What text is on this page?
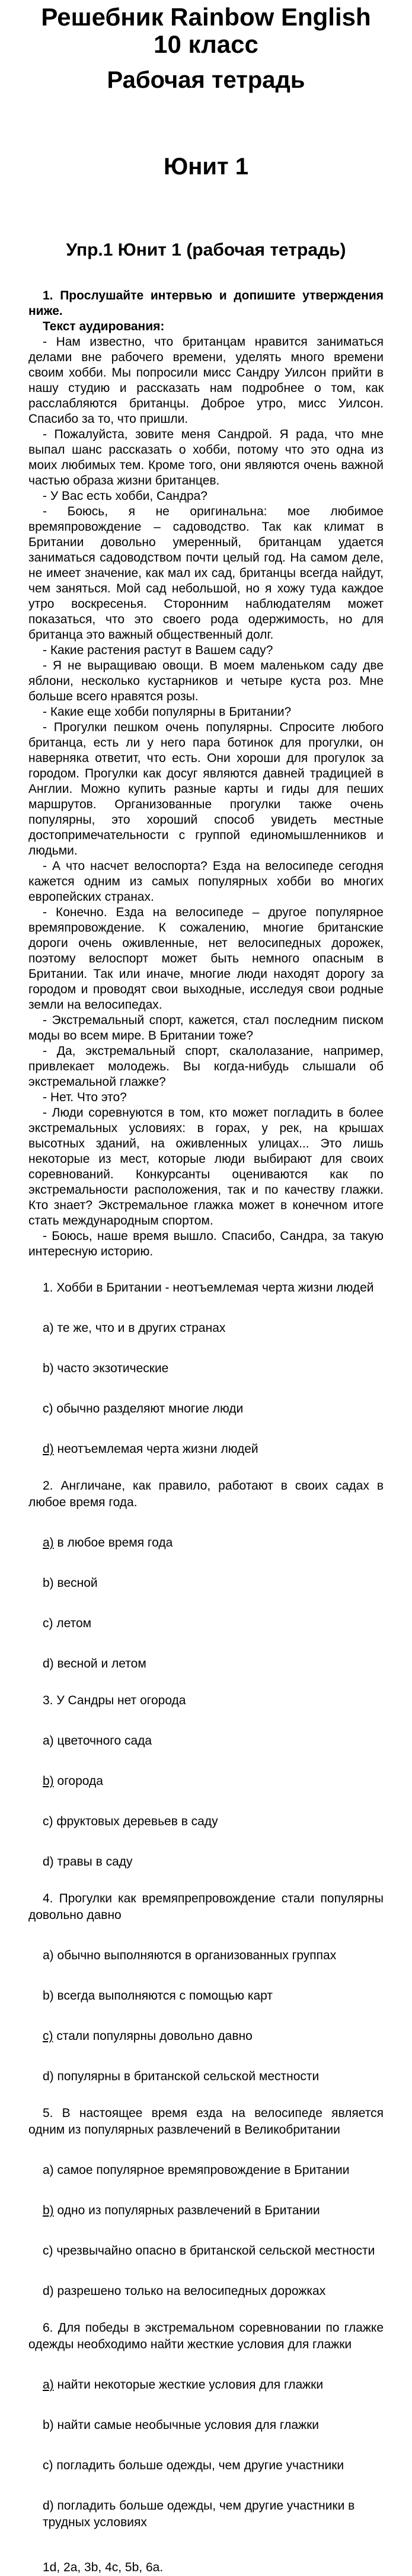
Решебник Rainbow English 10 класс
Рабочая тетрадь
Юнит 1
Упр.1 Юнит 1 (рабочая тетрадь)

1. Прослушайте интервью и допишите утверждения ниже.

Текст аудирования:

- Нам известно, что британцам нравится заниматься делами вне рабочего времени, уделять много времени своим хобби. Мы попросили мисс Сандру Уилсон прийти в нашу студию и рассказать нам подробнее о том, как расслабляются британцы. Доброе утро, мисс Уилсон. Спасибо за то, что пришли.

- Пожалуйста, зовите меня Сандрой. Я рада, что мне выпал шанс рассказать о хобби, потому что это одна из моих любимых тем. Кроме того, они являются очень важной частью образа жизни британцев.

- У Вас есть хобби, Сандра?

- Боюсь, я не оригинальна: мое любимое времяпровождение – садоводство. Так как климат в Британии довольно умеренный, британцам удается заниматься садоводством почти целый год. На самом деле, не имеет значение, как мал их сад, британцы всегда найдут, чем заняться. Мой сад небольшой, но я хожу туда каждое утро воскресенья. Сторонним наблюдателям может показаться, что это своего рода одержимость, но для британца это важный общественный долг.

- Какие растения растут в Вашем саду?

- Я не выращиваю овощи. В моем маленьком саду две яблони, несколько кустарников и четыре куста роз. Мне больше всего нравятся розы.

- Какие еще хобби популярны в Британии?

- Прогулки пешком очень популярны. Спросите любого британца, есть ли у него пара ботинок для прогулки, он наверняка ответит, что есть. Они хороши для прогулок за городом. Прогулки как досуг являются давней традицией в Англии. Можно купить разные карты и гиды для пеших маршрутов. Организованные прогулки также очень популярны, это хороший способ увидеть местные достопримечательности с группой единомышленников и людьми.

- А что насчет велоспорта? Езда на велосипеде сегодня кажется одним из самых популярных хобби во многих европейских странах.

- Конечно. Езда на велосипеде – другое популярное времяпровождение. К сожалению, многие британские дороги очень оживленные, нет велосипедных дорожек, поэтому велоспорт может быть немного опасным в Британии. Так или иначе, многие люди находят дорогу за городом и проводят свои выходные, исследуя свои родные земли на велосипедах.

- Экстремальный спорт, кажется, стал последним писком моды во всем мире. В Британии тоже?

- Да, экстремальный спорт, скалолазание, например, привлекает молодежь. Вы когда-нибудь слышали об экстремальной глажке?

- Нет. Что это?

- Люди соревнуются в том, кто может погладить в более экстремальных условиях: в горах, у рек, на крышах высотных зданий, на оживленных улицах... Это лишь некоторые из мест, которые люди выбирают для своих соревнований. Конкурсанты оцениваются как по экстремальности расположения, так и по качеству глажки. Кто знает? Экстремальное глажка может в конечном итоге стать международным спортом.

- Боюсь, наше время вышло. Спасибо, Сандра, за такую интересную историю.

1. Хобби в Британии - неотъемлемая черта жизни людей

a) те же, что и в других странах

b) часто экзотические

c) обычно разделяют многие люди

d) неотъемлемая черта жизни людей

2. Англичане, как правило, работают в своих садах в любое время года.

a) в любое время года

b) весной

c) летом

d) весной и летом

3. У Сандры нет огорода

a) цветочного сада

b) огорода

c) фруктовых деревьев в саду

d) травы в саду

4. Прогулки как времяпрепровождение стали популярны довольно давно

a) обычно выполняются в организованных группах

b) всегда выполняются с помощью карт

c) стали популярны довольно давно

d) популярны в британской сельской местности

5. В настоящее время езда на велосипеде является одним из популярных развлечений в Великобритании

a) самое популярное времяпровождение в Британии

b) одно из популярных развлечений в Британии

c) чрезвычайно опасно в британской сельской местности

d) разрешено только на велосипедных дорожках

6. Для победы в экстремальном соревновании по глажке одежды необходимо найти жесткие условия для глажки

a) найти некоторые жесткие условия для глажки

b) найти самые необычные условия для глажки

c) погладить больше одежды, чем другие участники

d) погладить больше одежды, чем другие участники в трудных условиях

1d, 2a, 3b, 4c, 5b, 6a.
